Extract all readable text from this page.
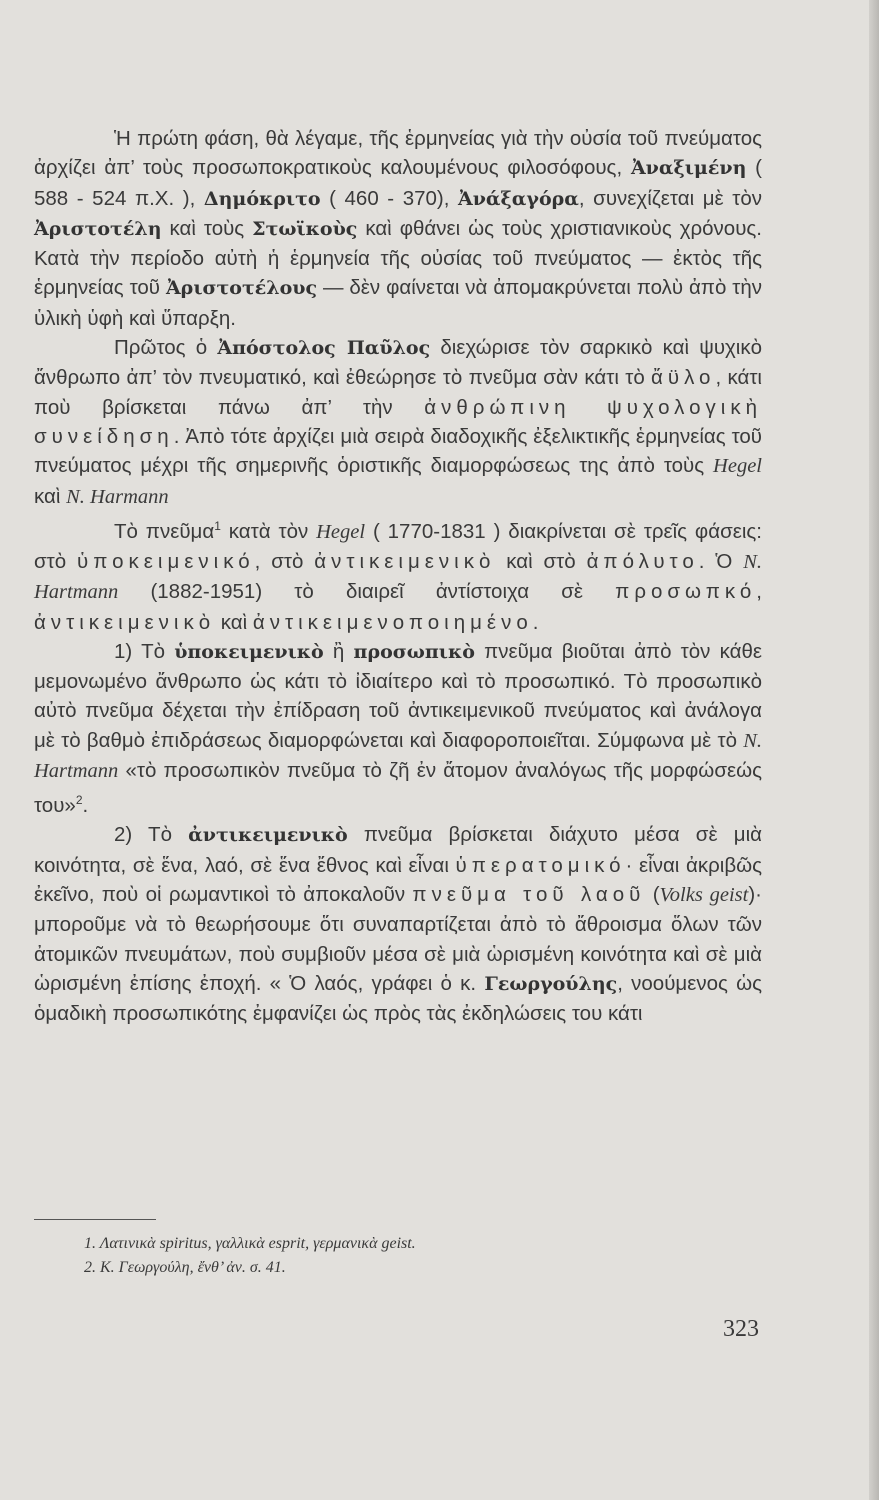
Ἡ πρώτη φάση, θὰ λέγαμε, τῆς ἑρμηνείας γιὰ τὴν οὐσία τοῦ πνεύματος ἀρχίζει ἀπ’ τοὺς προσωποκρατικοὺς καλουμένους φιλοσόφους, Ἀναξιμένη ( 588 - 524 π.Χ. ), Δημόκριτο ( 460 - 370), Ἀνάξαγόρα, συνεχίζεται μὲ τὸν Ἀριστοτέλη καὶ τοὺς Στωϊκοὺς καὶ φθάνει ὡς τοὺς χριστιανικοὺς χρόνους. Κατὰ τὴν περίοδο αὐτὴ ἡ ἑρμηνεία τῆς οὐσίας τοῦ πνεύματος — ἐκτὸς τῆς ἑρμηνείας τοῦ Ἀριστοτέλους — δὲν φαίνεται νὰ ἀπομακρύνεται πολὺ ἀπὸ τὴν ὑλικὴ ὑφὴ καὶ ὕπαρξη.

Πρῶτος ὁ Ἀπόστολος Παῦλος διεχώρισε τὸν σαρκικὸ καὶ ψυχικὸ ἄνθρωπο ἀπ’ τὸν πνευματικό, καὶ ἐθεώρησε τὸ πνεῦμα σὰν κάτι τὸ ἄϋλο, κάτι ποὺ βρίσκεται πάνω ἀπ’ τὴν ἀνθρώπινη ψυχολογικὴ συνείδηση. Ἀπὸ τότε ἀρχίζει μιὰ σειρὰ διαδοχικῆς ἐξελικτικῆς ἑρμηνείας τοῦ πνεύματος μέχρι τῆς σημερινῆς ὁριστικῆς διαμορφώσεως της ἀπὸ τοὺς Hegel καὶ N. Harmann

Τὸ πνεῦμα$^1$ κατὰ τὸν Hegel ( 1770-1831 ) διακρίνεται σὲ τρεῖς φάσεις: στὸ ὑποκειμενικό, στὸ ἀντικειμενικὸ καὶ στὸ ἀπόλυτο. Ὁ N. Hartmann (1882-1951) τὸ διαιρεῖ ἀντίστοιχα σὲ προσωπκό, ἀντικειμενικὸ καὶ ἀντικειμενοποιημένο.

1) Τὸ ὑποκειμενικὸ ἢ προσωπικὸ πνεῦμα βιοῦται ἀπὸ τὸν κάθε μεμονωμένο ἄνθρωπο ὡς κάτι τὸ ἰδιαίτερο καὶ τὸ προσωπικό. Τὸ προσωπικὸ αὐτὸ πνεῦμα δέχεται τὴν ἐπίδραση τοῦ ἀντικειμενικοῦ πνεύματος καὶ ἀνάλογα μὲ τὸ βαθμὸ ἐπιδράσεως διαμορφώνεται καὶ διαφοροποιεῖται. Σύμφωνα μὲ τὸ N. Hartmann «τὸ προσωπικὸν πνεῦμα τὸ ζῆ ἐν ἄτομον ἀναλόγως τῆς μορφώσεώς του»$^2$.

2) Τὸ ἀντικειμενικὸ πνεῦμα βρίσκεται διάχυτο μέσα σὲ μιὰ κοινότητα, σὲ ἕνα, λαό, σὲ ἕνα ἔθνος καὶ εἶναι ὑπερατομικό· εἶναι ἀκριβῶς ἐκεῖνο, ποὺ οἱ ρωμαντικοὶ τὸ ἀποκαλοῦν πνεῦμα τοῦ λαοῦ (Volks geist)· μποροῦμε νὰ τὸ θεωρήσουμε ὅτι συναπαρτίζεται ἀπὸ τὸ ἄθροισμα ὅλων τῶν ἀτομικῶν πνευμάτων, ποὺ συμβιοῦν μέσα σὲ μιὰ ὡρισμένη κοινότητα καὶ σὲ μιὰ ὡρισμένη ἐπίσης ἐποχή. « Ὁ λαός, γράφει ὁ κ. Γεωργούλης, νοούμενος ὡς ὁμαδικὴ προσωπικότης ἐμφανίζει ὡς πρὸς τὰς ἐκδηλώσεις του κάτι

1. Λατινικὰ spiritus, γαλλικὰ esprit, γερμανικὰ geist.
2. Κ. Γεωργούλη, ἔνθ’ ἀν. σ. 41.
323
